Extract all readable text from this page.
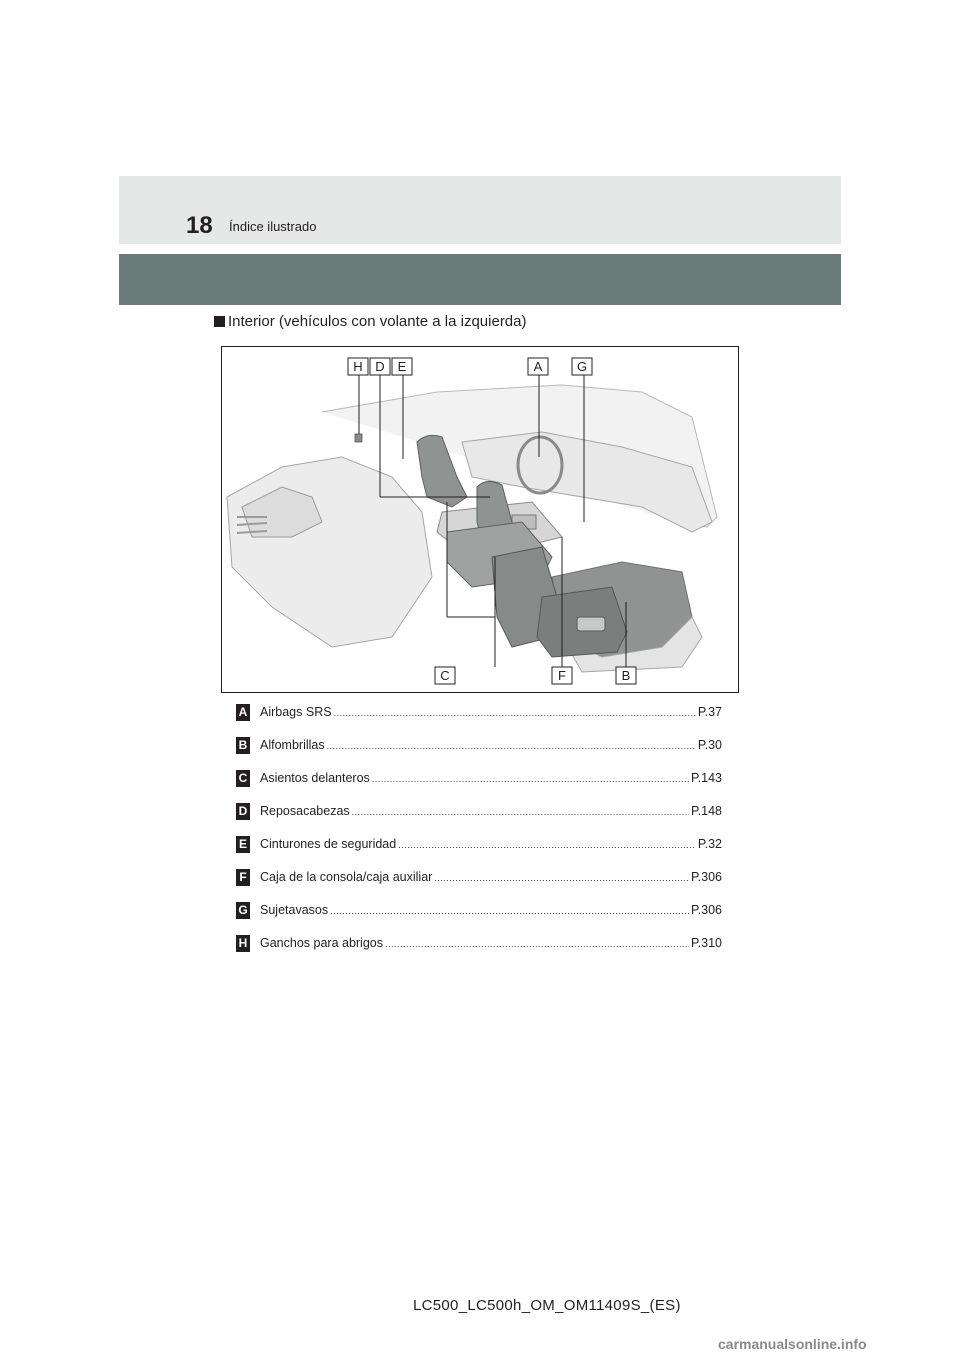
18 Índice ilustrado
Interior (vehículos con volante a la izquierda)
H D E	A	G
C	F	B
A Airbags SRS .....	P.37
B Alfombrillas .....	P.30
C Asientos delanteros .....	P.143
D Reposacabezas .....	P.148
E Cinturones de seguridad .....	P.32
F Caja de la consola/caja auxiliar .....	P.306
G Sujetavasos .....	P.306
H Ganchos para abrigos .....	P.310
LC500_LC500h_OM_OM11409S_(ES)
carmanualsonline.info
